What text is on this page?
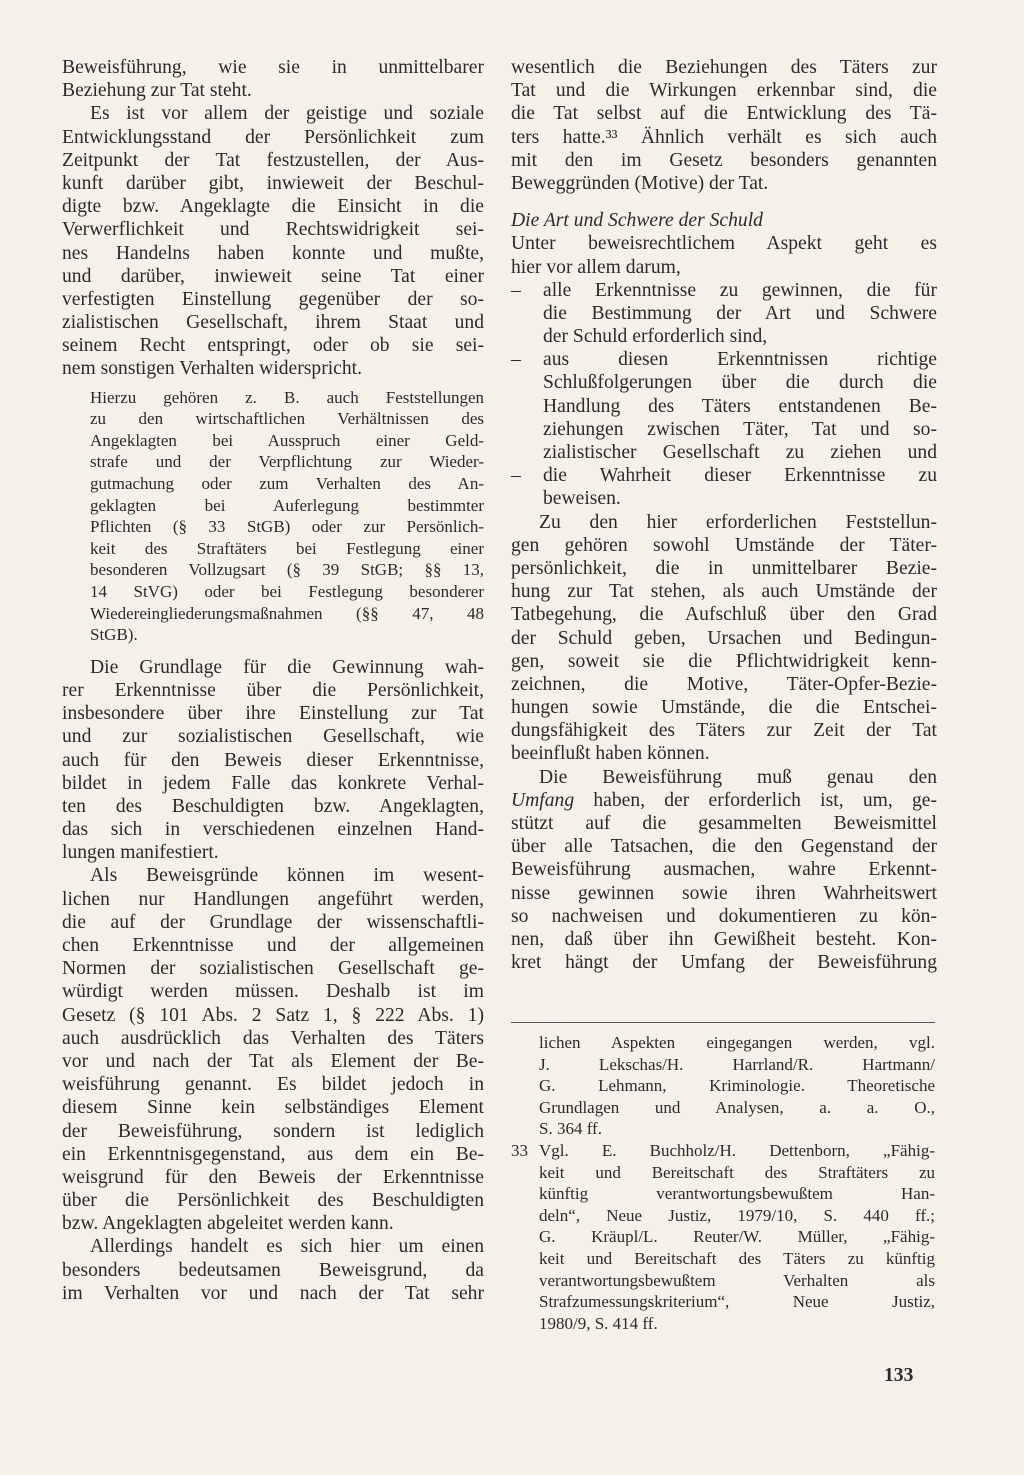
Beweisführung, wie sie in unmittelbarer
Beziehung zur Tat steht.
Es ist vor allem der geistige und soziale
Entwicklungsstand der Persönlichkeit zum
Zeitpunkt der Tat festzustellen, der Aus-
kunft darüber gibt, inwieweit der Beschul-
digte bzw. Angeklagte die Einsicht in die
Verwerflichkeit und Rechtswidrigkeit sei-
nes Handelns haben konnte und mußte,
und darüber, inwieweit seine Tat einer
verfestigten Einstellung gegenüber der so-
zialistischen Gesellschaft, ihrem Staat und
seinem Recht entspringt, oder ob sie sei-
nem sonstigen Verhalten widerspricht.
Hierzu gehören z. B. auch Feststellungen
zu den wirtschaftlichen Verhältnissen des
Angeklagten bei Ausspruch einer Geld-
strafe und der Verpflichtung zur Wieder-
gutmachung oder zum Verhalten des An-
geklagten bei Auferlegung bestimmter
Pflichten (§ 33 StGB) oder zur Persönlich-
keit des Straftäters bei Festlegung einer
besonderen Vollzugsart (§ 39 StGB; §§ 13,
14 StVG) oder bei Festlegung besonderer
Wiedereingliederungsmaßnahmen (§§ 47, 48
StGB).
Die Grundlage für die Gewinnung wah-
rer Erkenntnisse über die Persönlichkeit,
insbesondere über ihre Einstellung zur Tat
und zur sozialistischen Gesellschaft, wie
auch für den Beweis dieser Erkenntnisse,
bildet in jedem Falle das konkrete Verhal-
ten des Beschuldigten bzw. Angeklagten,
das sich in verschiedenen einzelnen Hand-
lungen manifestiert.
Als Beweisgründe können im wesent-
lichen nur Handlungen angeführt werden,
die auf der Grundlage der wissenschaftli-
chen Erkenntnisse und der allgemeinen
Normen der sozialistischen Gesellschaft ge-
würdigt werden müssen. Deshalb ist im
Gesetz (§ 101 Abs. 2 Satz 1, § 222 Abs. 1)
auch ausdrücklich das Verhalten des Täters
vor und nach der Tat als Element der Be-
weisführung genannt. Es bildet jedoch in
diesem Sinne kein selbständiges Element
der Beweisführung, sondern ist lediglich
ein Erkenntnisgegenstand, aus dem ein Be-
weisgrund für den Beweis der Erkenntnisse
über die Persönlichkeit des Beschuldigten
bzw. Angeklagten abgeleitet werden kann.
Allerdings handelt es sich hier um einen
besonders bedeutsamen Beweisgrund, da
im Verhalten vor und nach der Tat sehr
wesentlich die Beziehungen des Täters zur
Tat und die Wirkungen erkennbar sind, die
die Tat selbst auf die Entwicklung des Tä-
ters hatte.³³ Ähnlich verhält es sich auch
mit den im Gesetz besonders genannten
Beweggründen (Motive) der Tat.
Die Art und Schwere der Schuld
Unter beweisrechtlichem Aspekt geht es
hier vor allem darum,
– alle Erkenntnisse zu gewinnen, die für
die Bestimmung der Art und Schwere
der Schuld erforderlich sind,
– aus diesen Erkenntnissen richtige
Schlußfolgerungen über die durch die
Handlung des Täters entstandenen Be-
ziehungen zwischen Täter, Tat und so-
zialistischer Gesellschaft zu ziehen und
– die Wahrheit dieser Erkenntnisse zu
beweisen.
Zu den hier erforderlichen Feststellun-
gen gehören sowohl Umstände der Täter-
persönlichkeit, die in unmittelbarer Bezie-
hung zur Tat stehen, als auch Umstände der
Tatbegehung, die Aufschluß über den Grad
der Schuld geben, Ursachen und Bedingun-
gen, soweit sie die Pflichtwidrigkeit kenn-
zeichnen, die Motive, Täter-Opfer-Bezie-
hungen sowie Umstände, die die Entschei-
dungsfähigkeit des Täters zur Zeit der Tat
beeinflußt haben können.
Die Beweisführung muß genau den
Umfang haben, der erforderlich ist, um, ge-
stützt auf die gesammelten Beweismittel
über alle Tatsachen, die den Gegenstand der
Beweisführung ausmachen, wahre Erkennt-
nisse gewinnen sowie ihren Wahrheitswert
so nachweisen und dokumentieren zu kön-
nen, daß über ihn Gewißheit besteht. Kon-
kret hängt der Umfang der Beweisführung
lichen Aspekten eingegangen werden, vgl.
J. Lekschas/H. Harrland/R. Hartmann/
G. Lehmann, Kriminologie. Theoretische
Grundlagen und Analysen, a. a. O.,
S. 364 ff.
33 Vgl. E. Buchholz/H. Dettenborn, „Fähig-
keit und Bereitschaft des Straftäters zu
künftig verantwortungsbewußtem Han-
deln“, Neue Justiz, 1979/10, S. 440 ff.;
G. Kräupl/L. Reuter/W. Müller, „Fähig-
keit und Bereitschaft des Täters zu künftig
verantwortungsbewußtem Verhalten als
Strafzumessungskriterium“, Neue Justiz,
1980/9, S. 414 ff.
133
